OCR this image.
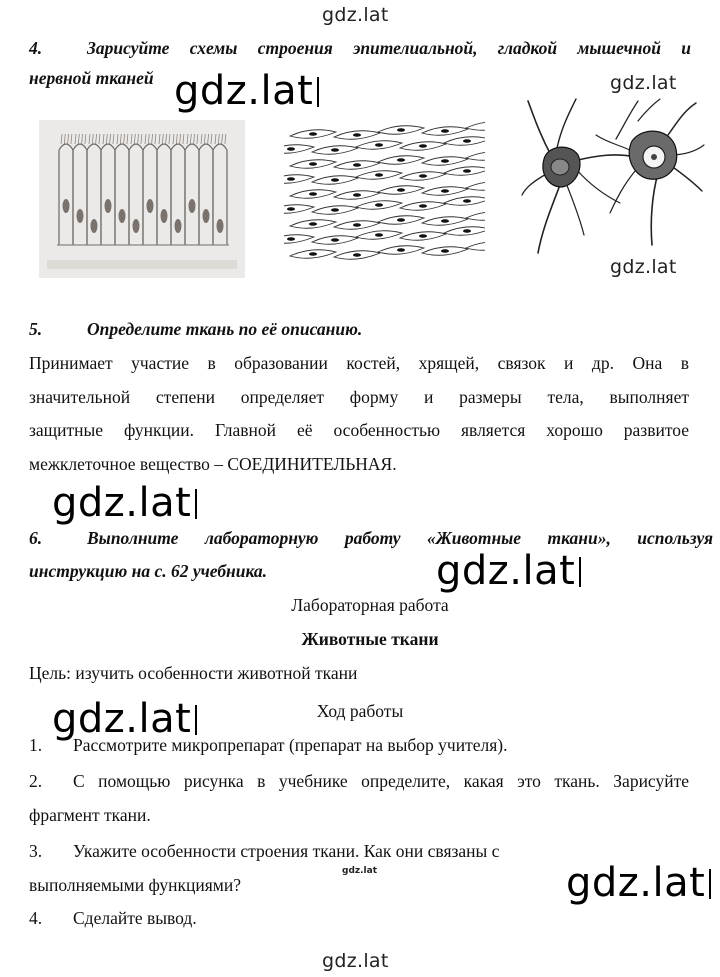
gdz.lat
gdz.lat
gdz.lat
gdz.lat
gdz.lat
4.	Зарисуйте схемы строения эпителиальной, гладкой мышечной и
нервной тканей gdz.lat
5.	Определите ткань по её описанию.
Принимает участие в образовании костей, хрящей, связок и др. Она в
значительной степени определяет форму и размеры тела, выполняет
защитные функции. Главной её особенностью является хорошо развитое
межклеточное вещество – СОЕДИНИТЕЛЬНАЯ.
gdz.lat
6.	Выполните лабораторную работу «Животные ткани», используя
инструкцию на с. 62 учебника.	gdz.lat
Лабораторная работа
Животные ткани
Цель: изучить особенности животной ткани
gdz.lat	Ход работы
1. Рассмотрите микропрепарат (препарат на выбор учителя).
2. С помощью рисунка в учебнике определите, какая это ткань. Зарисуйте
фрагмент ткани.
3. Укажите особенности строения ткани. Как они связаны с
выполняемыми функциями?	gdz.lat
4. Сделайте вывод.
